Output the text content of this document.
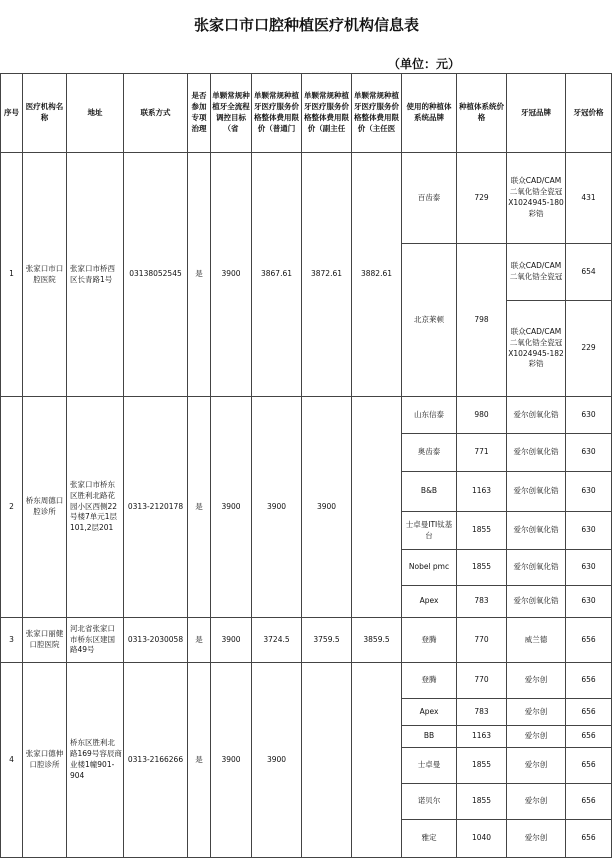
张家口市口腔种植医疗机构信息表
（单位：元）
序号	医疗机构名称	地址	联系方式	是否参加专项治理	单颗常规种植牙全流程调控目标（省	单颗常规种植牙医疗服务价格整体费用限价（普通门	单颗常规种植牙医疗服务价格整体费用限价（副主任	单颗常规种植牙医疗服务价格整体费用限价（主任医	使用的种植体系统品牌	种植体系统价格	牙冠品牌	牙冠价格
1	张家口市口腔医院	张家口市桥西区长青路1号	03138052545	是	3900	3867.61	3872.61	3882.61	百齿泰	729	联众CAD/CAM二氧化锆全瓷冠X1024945-180彩锆	431
									北京莱顿	798	联众CAD/CAM二氧化锆全瓷冠	654
											联众CAD/CAM二氧化锆全瓷冠X1024945-182 彩锆	229
2	桥东周德口腔诊所	张家口市桥东区胜利北路花园小区西侧22号楼7单元1层101,2层201	0313-2120178	是	3900	3900	3900		山东信泰	980	爱尔创氧化锆	630
									奥齿泰	771	爱尔创氧化锆	630
									B&B	1163	爱尔创氧化锆	630
									士卓曼ITI钛基台	1855	爱尔创氧化锆	630
									Nobel pmc	1855	爱尔创氧化锆	630
									Apex	783	爱尔创氧化锆	630
3	张家口丽健口腔医院	河北省张家口市桥东区建国路49号	0313-2030058	是	3900	3724.5	3759.5	3859.5	登腾	770	威兰德	656
4	张家口德伸口腔诊所	桥东区胜利北路169号容辰商业楼1幢901-904	0313-2166266	是	3900	3900			登腾	770	爱尔创	656
									Apex	783	爱尔创	656
									BB	1163	爱尔创	656
									士卓曼	1855	爱尔创	656
									诺贝尔	1855	爱尔创	656
									雅定	1040	爱尔创	656
